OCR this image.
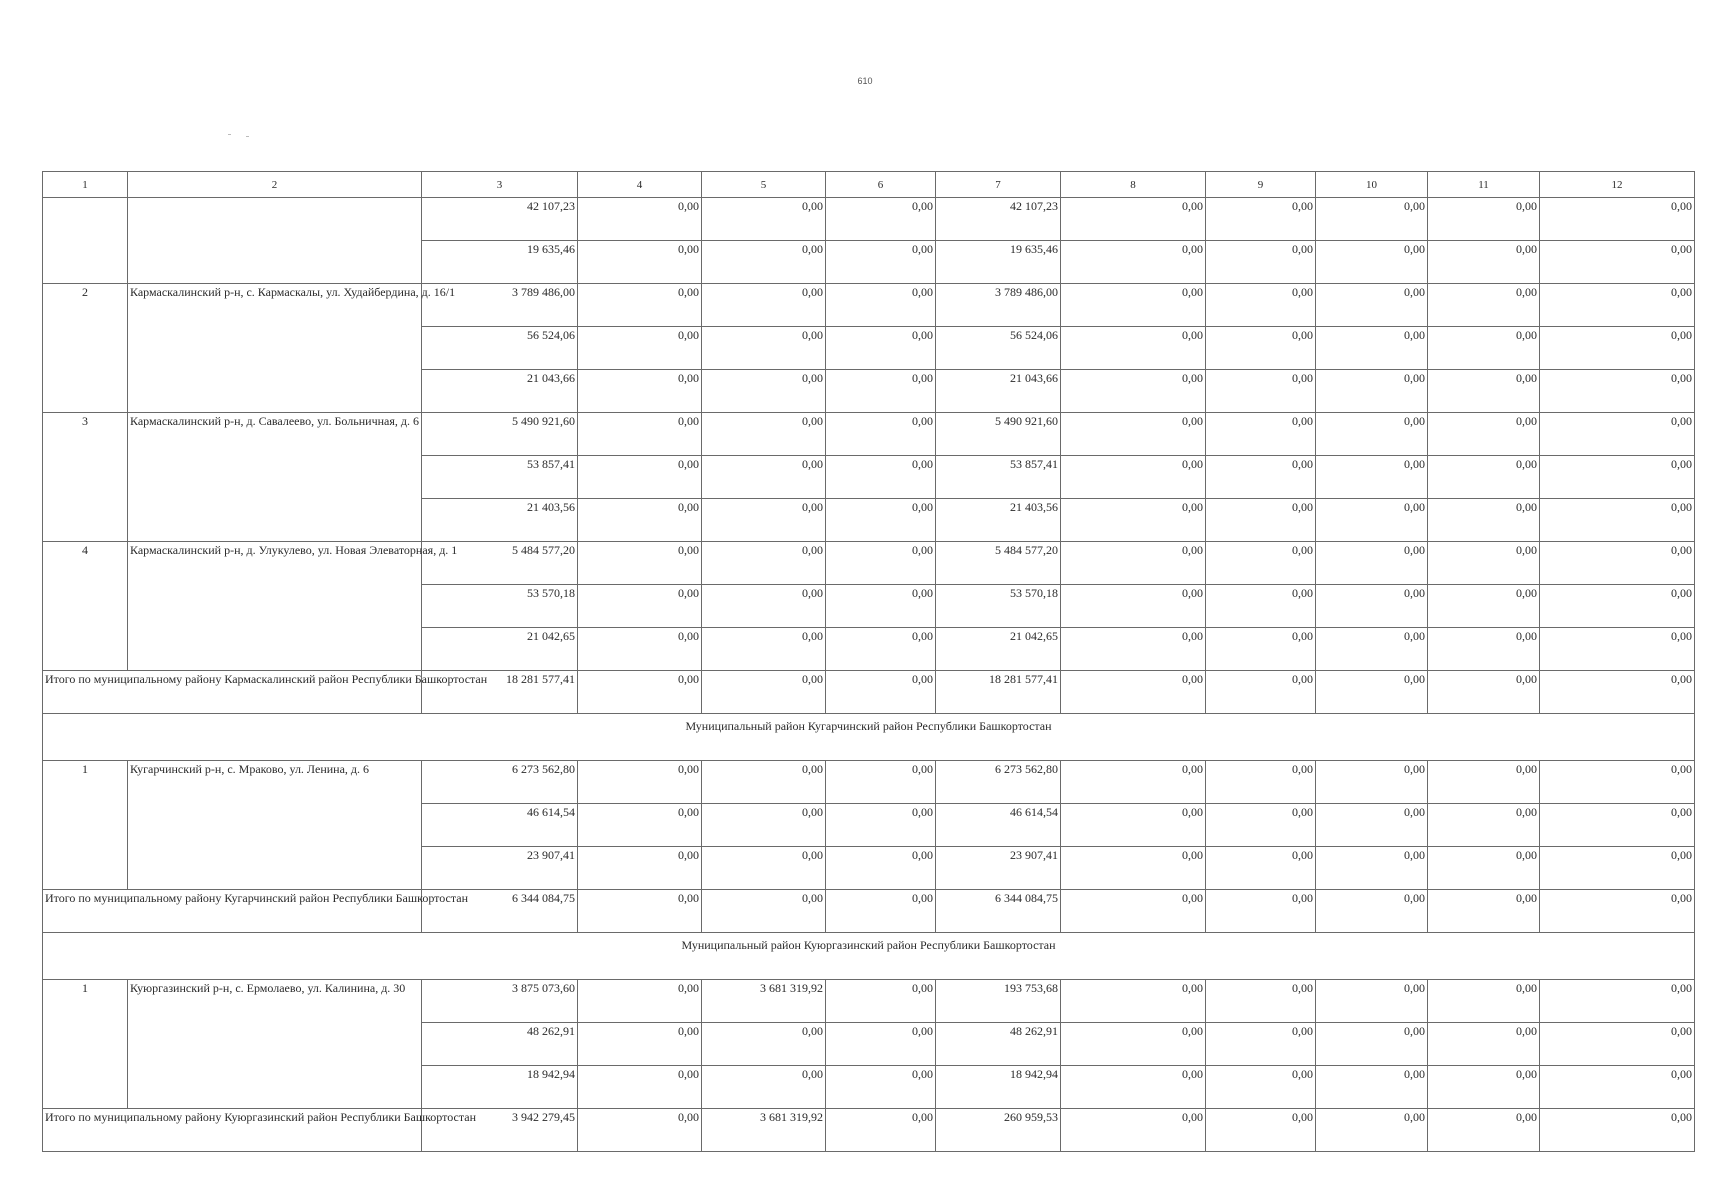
610
1	2	3	4	5	6	7	8	9	10	11	12
		42 107,23	0,00	0,00	0,00	42 107,23	0,00	0,00	0,00	0,00	0,00
		19 635,46	0,00	0,00	0,00	19 635,46	0,00	0,00	0,00	0,00	0,00
2	Кармаскалинский р-н, с. Кармаскалы, ул. Худайбердина, д. 16/1	3 789 486,00	0,00	0,00	0,00	3 789 486,00	0,00	0,00	0,00	0,00	0,00
		56 524,06	0,00	0,00	0,00	56 524,06	0,00	0,00	0,00	0,00	0,00
		21 043,66	0,00	0,00	0,00	21 043,66	0,00	0,00	0,00	0,00	0,00
3	Кармаскалинский р-н, д. Савалеево, ул. Больничная, д. 6	5 490 921,60	0,00	0,00	0,00	5 490 921,60	0,00	0,00	0,00	0,00	0,00
		53 857,41	0,00	0,00	0,00	53 857,41	0,00	0,00	0,00	0,00	0,00
		21 403,56	0,00	0,00	0,00	21 403,56	0,00	0,00	0,00	0,00	0,00
4	Кармаскалинский р-н, д. Улукулево, ул. Новая Элеваторная, д. 1	5 484 577,20	0,00	0,00	0,00	5 484 577,20	0,00	0,00	0,00	0,00	0,00
		53 570,18	0,00	0,00	0,00	53 570,18	0,00	0,00	0,00	0,00	0,00
		21 042,65	0,00	0,00	0,00	21 042,65	0,00	0,00	0,00	0,00	0,00
Итого по муниципальному району Кармаскалинский район Республики Башкортостан		18 281 577,41	0,00	0,00	0,00	18 281 577,41	0,00	0,00	0,00	0,00	0,00
Муниципальный район Кугарчинский район Республики Башкортостан											
1	Кугарчинский р-н, с. Мраково, ул. Ленина, д. 6	6 273 562,80	0,00	0,00	0,00	6 273 562,80	0,00	0,00	0,00	0,00	0,00
		46 614,54	0,00	0,00	0,00	46 614,54	0,00	0,00	0,00	0,00	0,00
		23 907,41	0,00	0,00	0,00	23 907,41	0,00	0,00	0,00	0,00	0,00
Итого по муниципальному району Кугарчинский район Республики Башкортостан		6 344 084,75	0,00	0,00	0,00	6 344 084,75	0,00	0,00	0,00	0,00	0,00
Муниципальный район Куюргазинский район Республики Башкортостан											
1	Куюргазинский р-н, с. Ермолаево, ул. Калинина, д. 30	3 875 073,60	0,00	3 681 319,92	0,00	193 753,68	0,00	0,00	0,00	0,00	0,00
		48 262,91	0,00	0,00	0,00	48 262,91	0,00	0,00	0,00	0,00	0,00
		18 942,94	0,00	0,00	0,00	18 942,94	0,00	0,00	0,00	0,00	0,00
Итого по муниципальному району Куюргазинский район Республики Башкортостан		3 942 279,45	0,00	3 681 319,92	0,00	260 959,53	0,00	0,00	0,00	0,00	0,00
